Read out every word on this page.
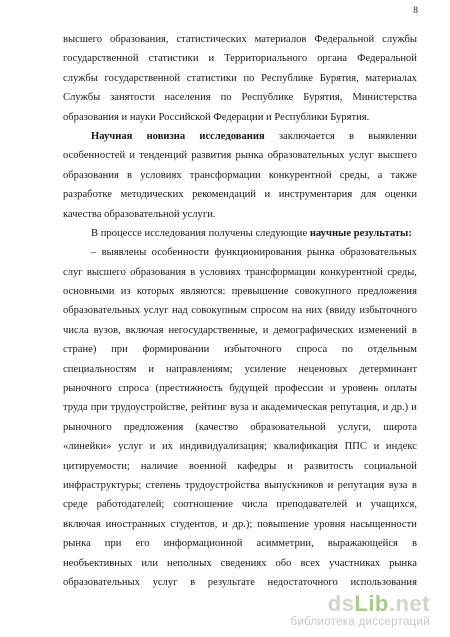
8
высшего образования, статистических материалов Федеральной службы
государственной статистики и Территориального органа Федеральной
службы государственной статистики по Республике Бурятия, материалах
Службы занятости населения по Республике Бурятия, Министерства
образования
и
науки
Российской
Федерации
и
Республики
Бурятия.

Научная новизна исследования заключается в выявлении
особенностей и тенденций развития рынка образовательных услуг высшего
образования в условиях трансформации конкурентной среды, а также
разработке методических рекомендаций и инструментария для оценки
качества
образовательной
услуги.

В
процессе
исследования
получены
следующие
научные
результаты:

– выявлены особенности функционирования рынка образовательных
слуг высшего образования в условиях трансформации конкурентной среды,
основными из которых являются: превышение совокупного предложения
образовательных услуг над совокупным спросом на них (ввиду избыточного
числа вузов, включая негосударственные, и демографических изменений в
стране) при формировании избыточного спроса по отдельным
специальностям и направлениям; усиление неценовых детерминант
рыночного спроса (престижность будущей профессии и уровень оплаты
труда при трудоустройстве, рейтинг вуза и академическая репутация, и др.) и
рыночного предложения (качество образовательной услуги, широта
«линейки» услуг и их индивидуализация; квалификация ППС и индекс
цитируемости; наличие военной кафедры и развитость социальной
инфраструктуры; степень трудоустройства выпускников и репутация вуза в
среде работодателей; соотношение числа преподавателей и учащихся,
включая иностранных студентов, и др.); повышение уровня насыщенности
рынка при его информационной асимметрии, выражающейся в
необъективных или неполных сведениях обо всех участниках рынка
образовательных услуг в результате недостаточного использования
dsLib.net
библиотека диссертаций
